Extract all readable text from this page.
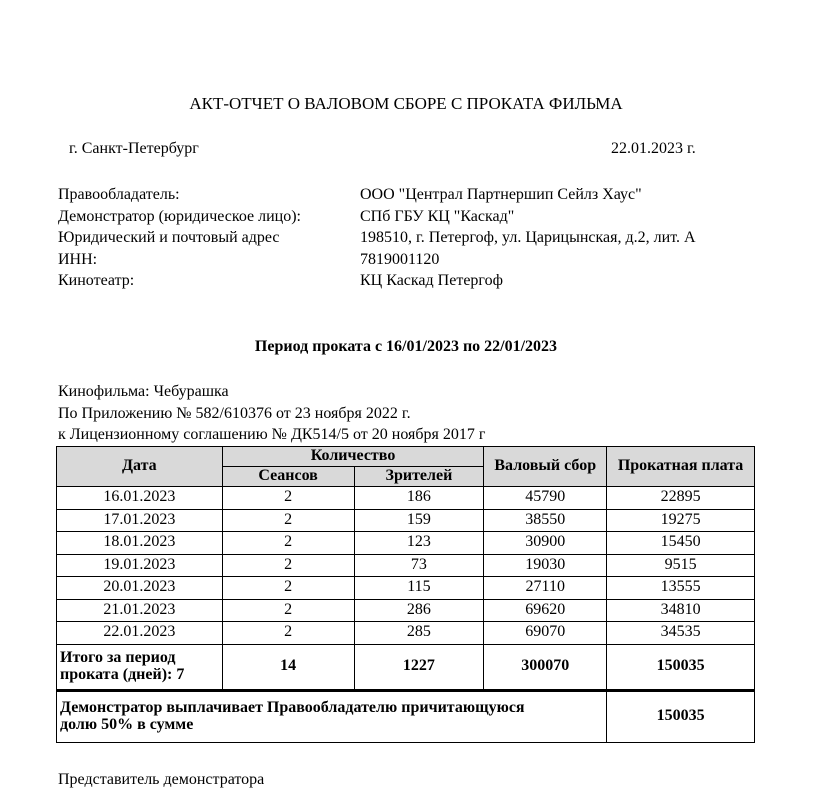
АКТ-ОТЧЕТ О ВАЛОВОМ СБОРЕ С ПРОКАТА ФИЛЬМА
г. Санкт-Петербург	22.01.2023 г.
Правообладатель:	ООО "Централ Партнершип Сейлз Хаус"
Демонстратор (юридическое лицо):	СПб ГБУ КЦ "Каскад"
Юридический и почтовый адрес	198510, г. Петергоф, ул. Царицынская, д.2, лит. А
ИНН:	7819001120
Кинотеатр:	КЦ Каскад Петергоф
Период проката с 16/01/2023 по 22/01/2023
Кинофильма: Чебурашка
По Приложению № 582/610376 от 23 ноября 2022 г.
к Лицензионному соглашению № ДК514/5 от 20 ноября 2017 г
Дата	Количество		Валовый сбор	Прокатная плата
	Сеансов	Зрителей		
16.01.2023	2	186	45790	22895
17.01.2023	2	159	38550	19275
18.01.2023	2	123	30900	15450
19.01.2023	2	73	19030	9515
20.01.2023	2	115	27110	13555
21.01.2023	2	286	69620	34810
22.01.2023	2	285	69070	34535

Итого за период
проката (дней): 7	14	1227	300070	150035

Демонстратор выплачивает Правообладателю причитающуюся
долю 50% в сумме				150035
Представитель демонстратора
